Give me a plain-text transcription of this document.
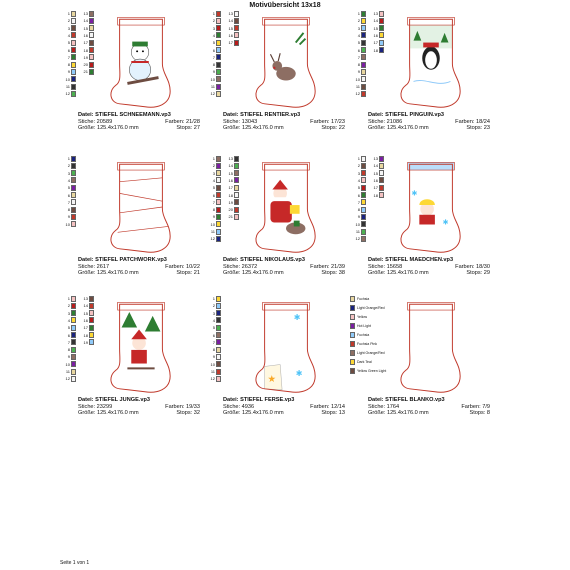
Motivübersicht 13x18
1
2
3
4
5
6
7
8
9
10
11
12
13
14
15
16
17
18
19
20
21
Datei: STIEFEL SCHNEEMANN.vp3
Stiche: 20589	Farben: 21/28
Größe: 125.4x176.0 mm	Stops: 27
1
2
3
4
5
6
7
8
9
10
11
12
13
14
15
16
17
Datei: STIEFEL RENTIER.vp3
Stiche: 13043	Farben: 17/23
Größe: 125.4x176.0 mm	Stops: 22
1
2
3
4
5
6
7
8
9
10
11
12
13
14
15
16
17
18
Datei: STIEFEL PINGUIN.vp3
Stiche: 21086	Farben: 18/24
Größe: 125.4x176.0 mm	Stops: 23
1
2
3
4
5
6
7
8
9
10
Datei: STIEFEL PATCHWORK.vp3
Stiche: 2617	Farben: 10/22
Größe: 125.4x176.0 mm	Stops: 21
1
2
3
4
5
6
7
8
9
10
11
12
13
14
15
16
17
18
19
20
21
Datei: STIEFEL NIKOLAUS.vp3
Stiche: 26372	Farben: 21/39
Größe: 125.4x176.0 mm	Stops: 38
1
2
3
4
5
6
7
8
9
10
11
12
13
14
15
16
17
18	✱
✱
Datei: STIEFEL MAEDCHEN.vp3
Stiche: 15658	Farben: 18/30
Größe: 125.4x176.0 mm	Stops: 29
1
2
3
4
5
6
7
8
9
10
11
12
13
14
15
16
17
18
19
Datei: STIEFEL JUNGE.vp3
Stiche: 23299	Farben: 19/33
Größe: 125.4x176.0 mm	Stops: 32
1
2
3
4
5
6
7
8
9
10
11
12
✱
✱
★
Datei: STIEFEL FERSE.vp3
Stiche: 4936	Farben: 12/14
Größe: 125.4x176.0 mm	Stops: 13
Fuchsia
Light Orange/Red
Yellow
Hot Light
Fuchsia
Fuchsia Pink
Light Orange/Red
Dark Teal
Yellow Green Light
Datei: STIEFEL BLANKO.vp3
Stiche: 1764	Farben: 7/9
Größe: 125.4x176.0 mm	Stops: 8
Seite 1 von 1
